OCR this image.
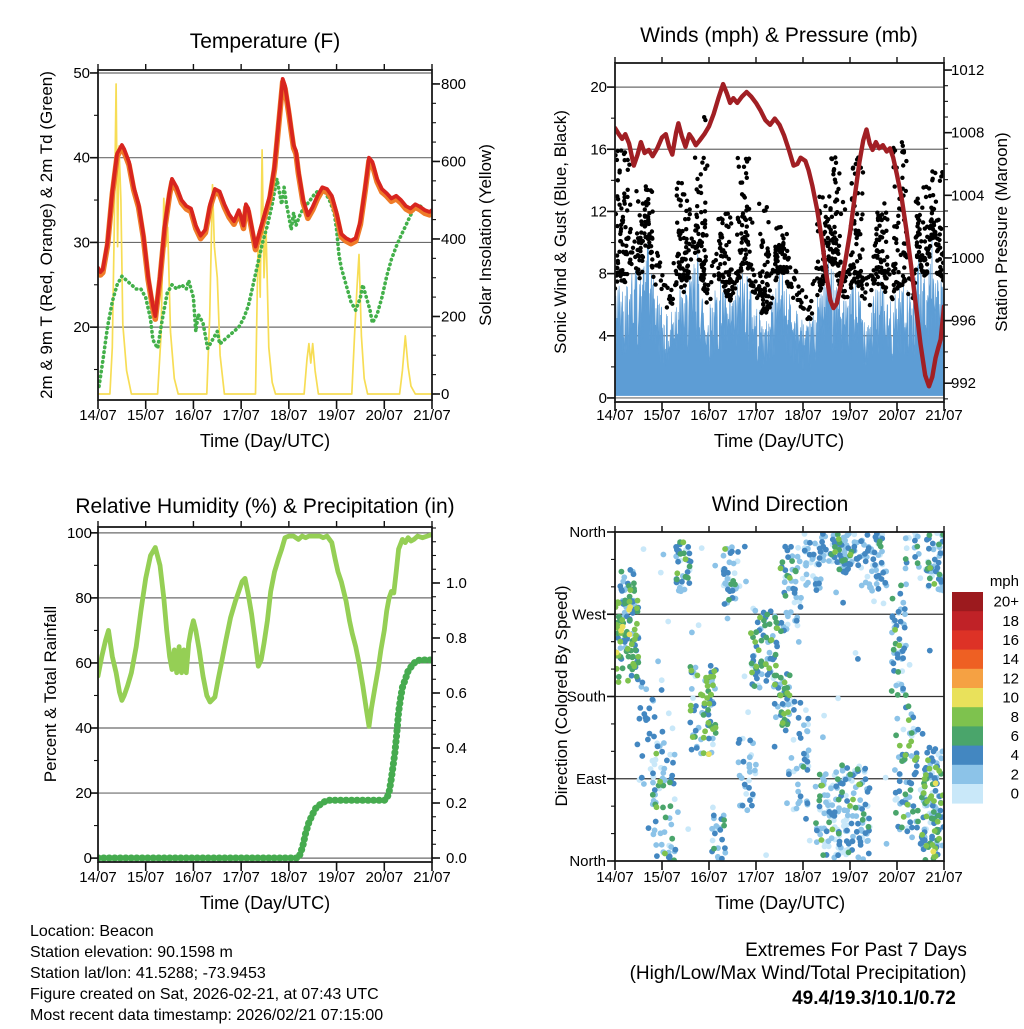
Temperature (F)	Winds (mph) & Pressure (mb)
Relative Humidity (%) & Precipitation (in)	Wind Direction
Time (Day/UTC)	Time (Day/UTC)
Time (Day/UTC)	Time (Day/UTC)
2m & 9m T (Red, Orange) & 2m Td (Green)	Solar Insolation (Yellow)	Sonic Wind & Gust (Blue, Black)	Station Pressure (Maroon)
Percent & Total Rainfall	Direction (Colored By Speed)
mph
20
30
40
50
0
200
400
600
800
14/07 15/07 16/07 17/07 18/07 19/07 20/07 21/07
0
4
8
12
16
20
992
996
1000
1004
1008
1012
14/07 15/07 16/07 17/07 18/07 19/07 20/07 21/07
0
20
40
60
80
100
0.0
0.2
0.4
0.6
0.8
1.0
14/07 15/07 16/07 17/07 18/07 19/07 20/07 21/07
North
West
South
East
North
14/07 15/07 16/07 17/07 18/07 19/07 20/07 21/07
20+
18
16
14
12
10
8
6
4
2
0
Location: Beacon
Station elevation: 90.1598 m
Station lat/lon: 41.5288; -73.9453
Figure created on Sat, 2026-02-21, at 07:43 UTC
Most recent data timestamp: 2026/02/21 07:15:00
Extremes For Past 7 Days
(High/Low/Max Wind/Total Precipitation)
49.4/19.3/10.1/0.72
